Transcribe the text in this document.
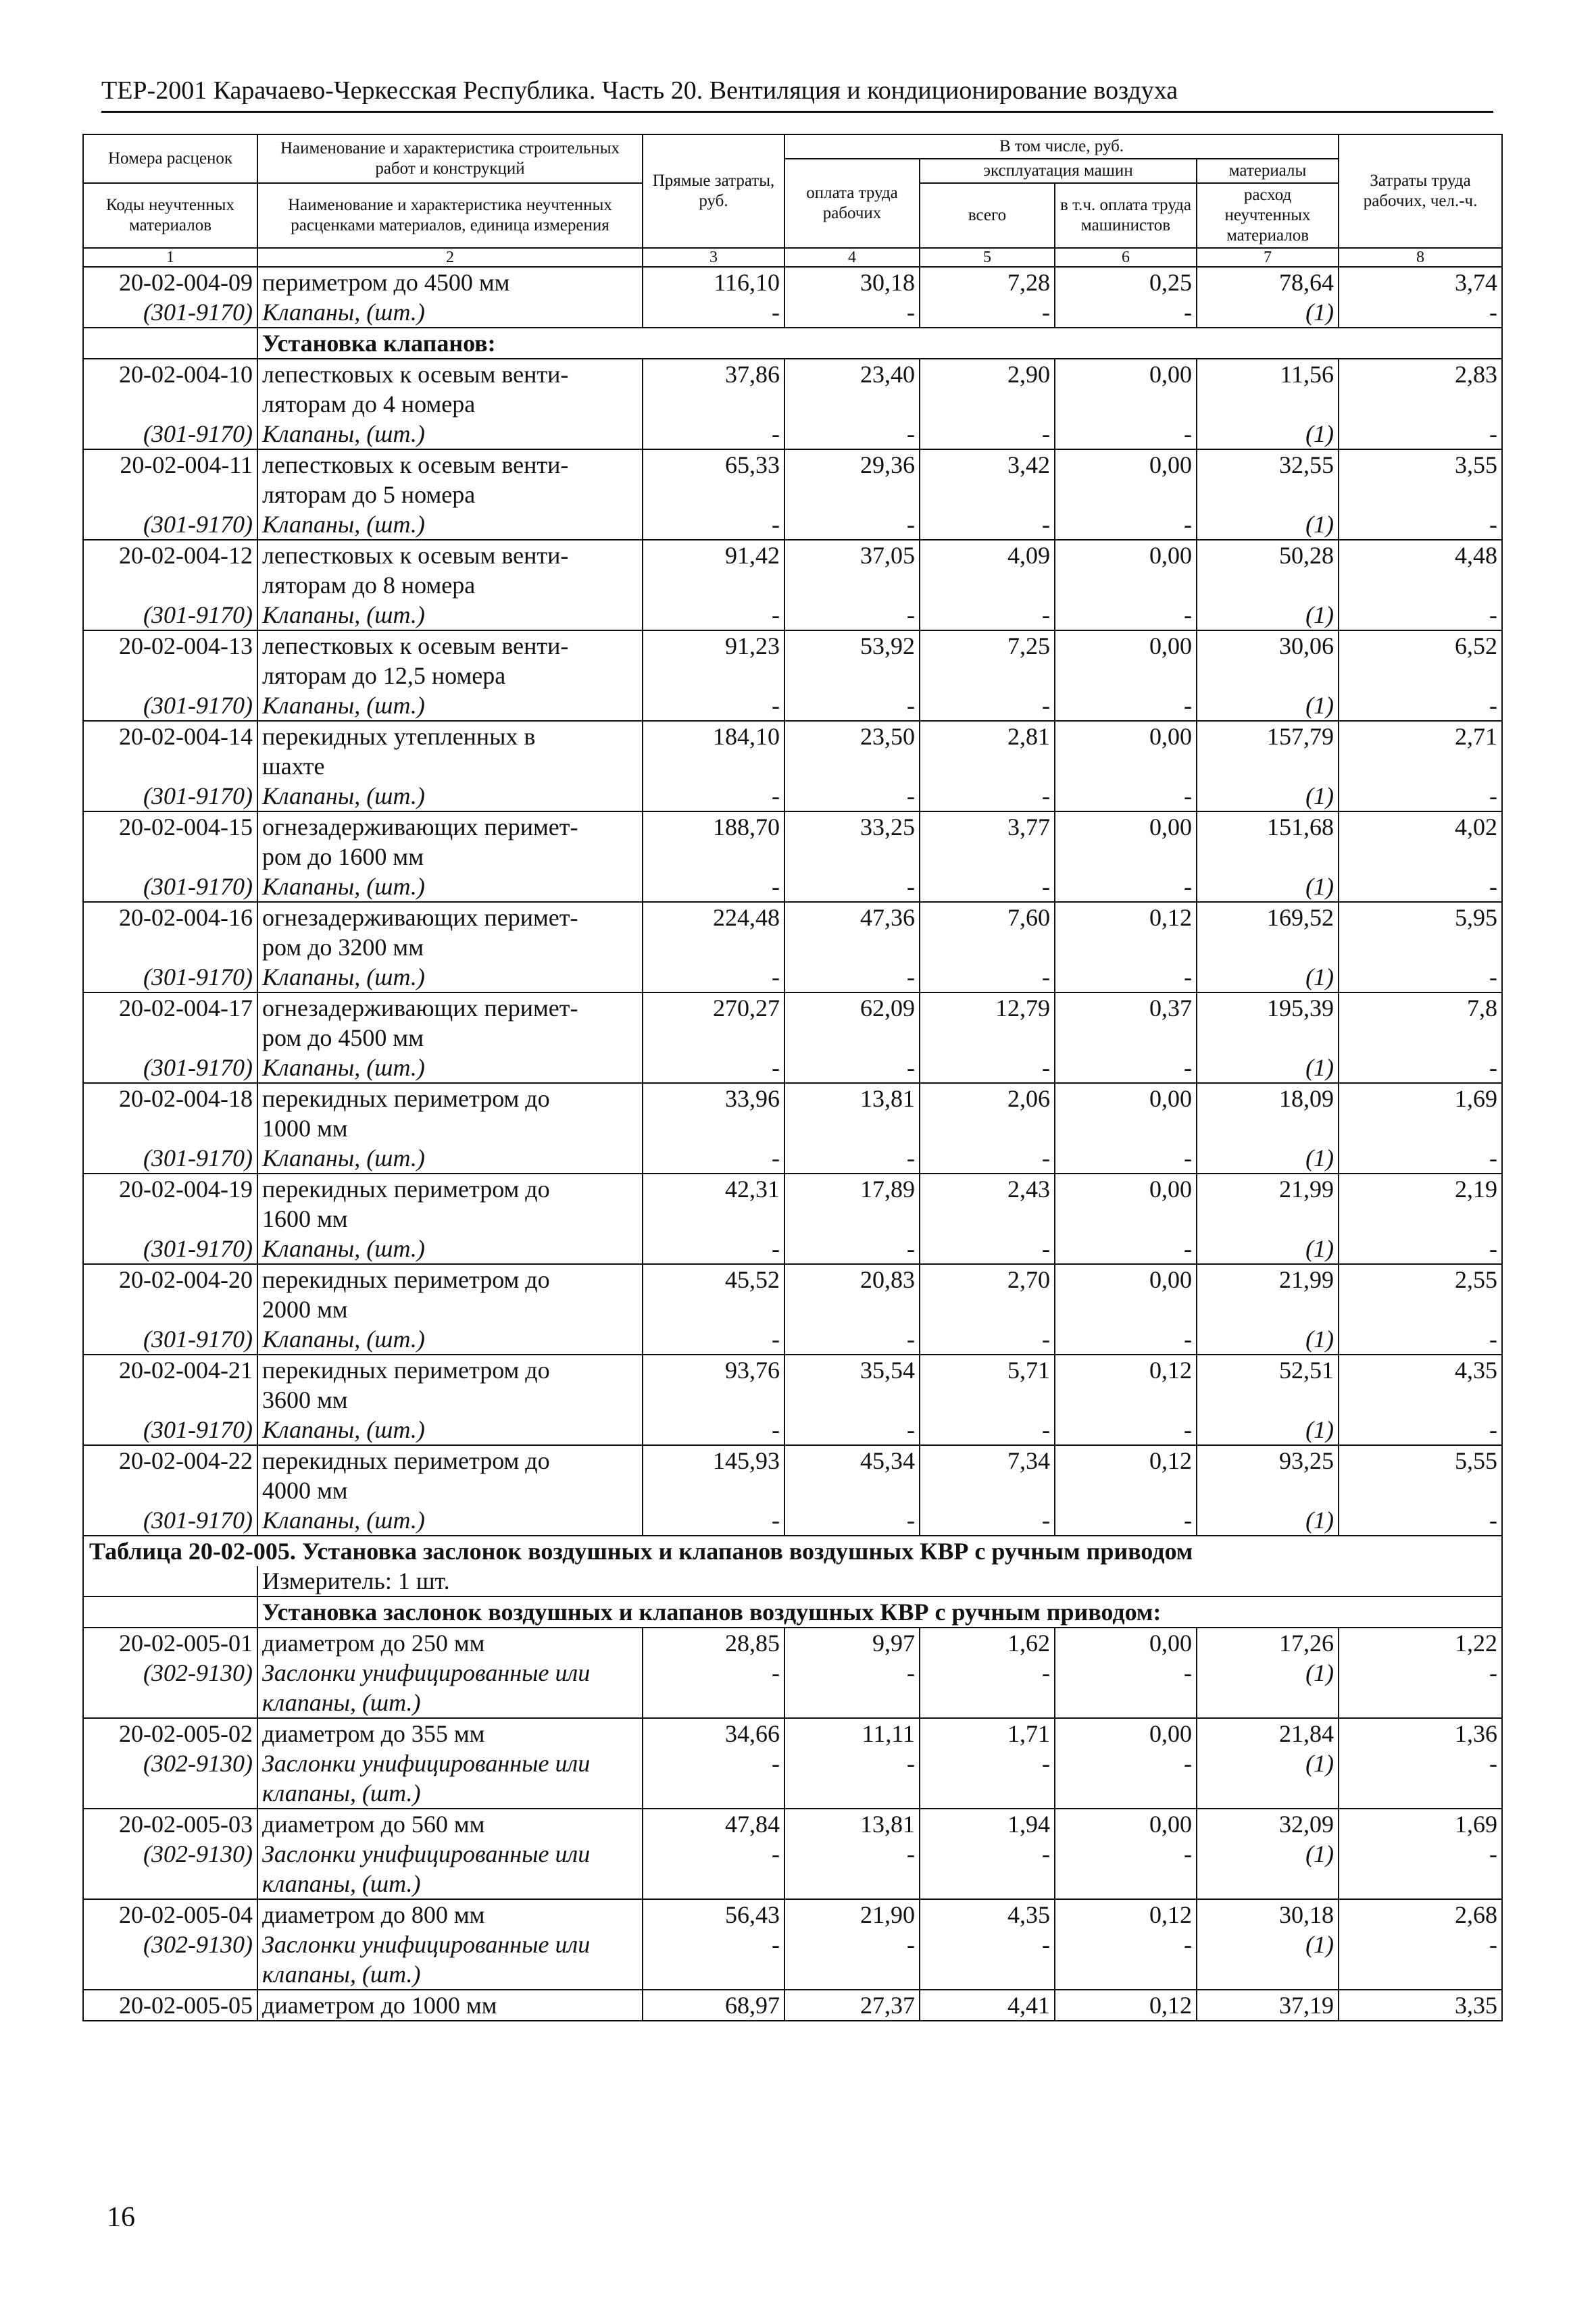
ТЕР-2001 Карачаево-Черкесская Республика. Часть 20. Вентиляция и кондиционирование воздуха
Номера расценок	Наименование и характеристика строительных работ и конструкций	Прямые затраты, руб.	В том числе, руб.				Затраты труда рабочих, чел.-ч.
			оплата труда рабочих	эксплуатация машин		материалы	
Коды неучтенных материалов	Наименование и характеристика неучтенных расценками материалов, единица измерения			всего	в т.ч. оплата труда машинистов	расход неучтенных материалов	

1	2	3	4	5	6	7	8
20-02-004-09	периметром до 4500 мм	116,10	30,18	7,28	0,25	78,64	3,74
(301-9170)	Клапаны, (шт.)	-	-	-	-	(1)	-
	Установка клапанов:						
20-02-004-10	лепестковых к осевым венти-	37,86	23,40	2,90	0,00	11,56	2,83
	ляторам до 4 номера						
(301-9170)	Клапаны, (шт.)	-	-	-	-	(1)	-
20-02-004-11	лепестковых к осевым венти-	65,33	29,36	3,42	0,00	32,55	3,55
	ляторам до 5 номера						
(301-9170)	Клапаны, (шт.)	-	-	-	-	(1)	-
20-02-004-12	лепестковых к осевым венти-	91,42	37,05	4,09	0,00	50,28	4,48
	ляторам до 8 номера						
(301-9170)	Клапаны, (шт.)	-	-	-	-	(1)	-
20-02-004-13	лепестковых к осевым венти-	91,23	53,92	7,25	0,00	30,06	6,52
	ляторам до 12,5 номера						
(301-9170)	Клапаны, (шт.)	-	-	-	-	(1)	-
20-02-004-14	перекидных утепленных в	184,10	23,50	2,81	0,00	157,79	2,71
	шахте						
(301-9170)	Клапаны, (шт.)	-	-	-	-	(1)	-
20-02-004-15	огнезадерживающих перимет-	188,70	33,25	3,77	0,00	151,68	4,02
	ром до 1600 мм						
(301-9170)	Клапаны, (шт.)	-	-	-	-	(1)	-
20-02-004-16	огнезадерживающих перимет-	224,48	47,36	7,60	0,12	169,52	5,95
	ром до 3200 мм						
(301-9170)	Клапаны, (шт.)	-	-	-	-	(1)	-
20-02-004-17	огнезадерживающих перимет-	270,27	62,09	12,79	0,37	195,39	7,8
	ром до 4500 мм						
(301-9170)	Клапаны, (шт.)	-	-	-	-	(1)	-
20-02-004-18	перекидных периметром до	33,96	13,81	2,06	0,00	18,09	1,69
	1000 мм						
(301-9170)	Клапаны, (шт.)	-	-	-	-	(1)	-
20-02-004-19	перекидных периметром до	42,31	17,89	2,43	0,00	21,99	2,19
	1600 мм						
(301-9170)	Клапаны, (шт.)	-	-	-	-	(1)	-
20-02-004-20	перекидных периметром до	45,52	20,83	2,70	0,00	21,99	2,55
	2000 мм						
(301-9170)	Клапаны, (шт.)	-	-	-	-	(1)	-
20-02-004-21	перекидных периметром до	93,76	35,54	5,71	0,12	52,51	4,35
	3600 мм						
(301-9170)	Клапаны, (шт.)	-	-	-	-	(1)	-
20-02-004-22	перекидных периметром до	145,93	45,34	7,34	0,12	93,25	5,55
	4000 мм						
(301-9170)	Клапаны, (шт.)	-	-	-	-	(1)	-
Таблица 20-02-005. Установка заслонок воздушных и клапанов воздушных КВР с ручным приводом							
	Измеритель: 1 шт.						
	Установка заслонок воздушных и клапанов воздушных КВР с ручным приводом:						
20-02-005-01	диаметром до 250 мм	28,85	9,97	1,62	0,00	17,26	1,22
(302-9130)	Заслонки унифицированные или	-	-	-	-	(1)	-
	клапаны, (шт.)						
20-02-005-02	диаметром до 355 мм	34,66	11,11	1,71	0,00	21,84	1,36
(302-9130)	Заслонки унифицированные или	-	-	-	-	(1)	-
	клапаны, (шт.)						
20-02-005-03	диаметром до 560 мм	47,84	13,81	1,94	0,00	32,09	1,69
(302-9130)	Заслонки унифицированные или	-	-	-	-	(1)	-
	клапаны, (шт.)						
20-02-005-04	диаметром до 800 мм	56,43	21,90	4,35	0,12	30,18	2,68
(302-9130)	Заслонки унифицированные или	-	-	-	-	(1)	-
	клапаны, (шт.)						
20-02-005-05	диаметром до 1000 мм	68,97	27,37	4,41	0,12	37,19	3,35
16
